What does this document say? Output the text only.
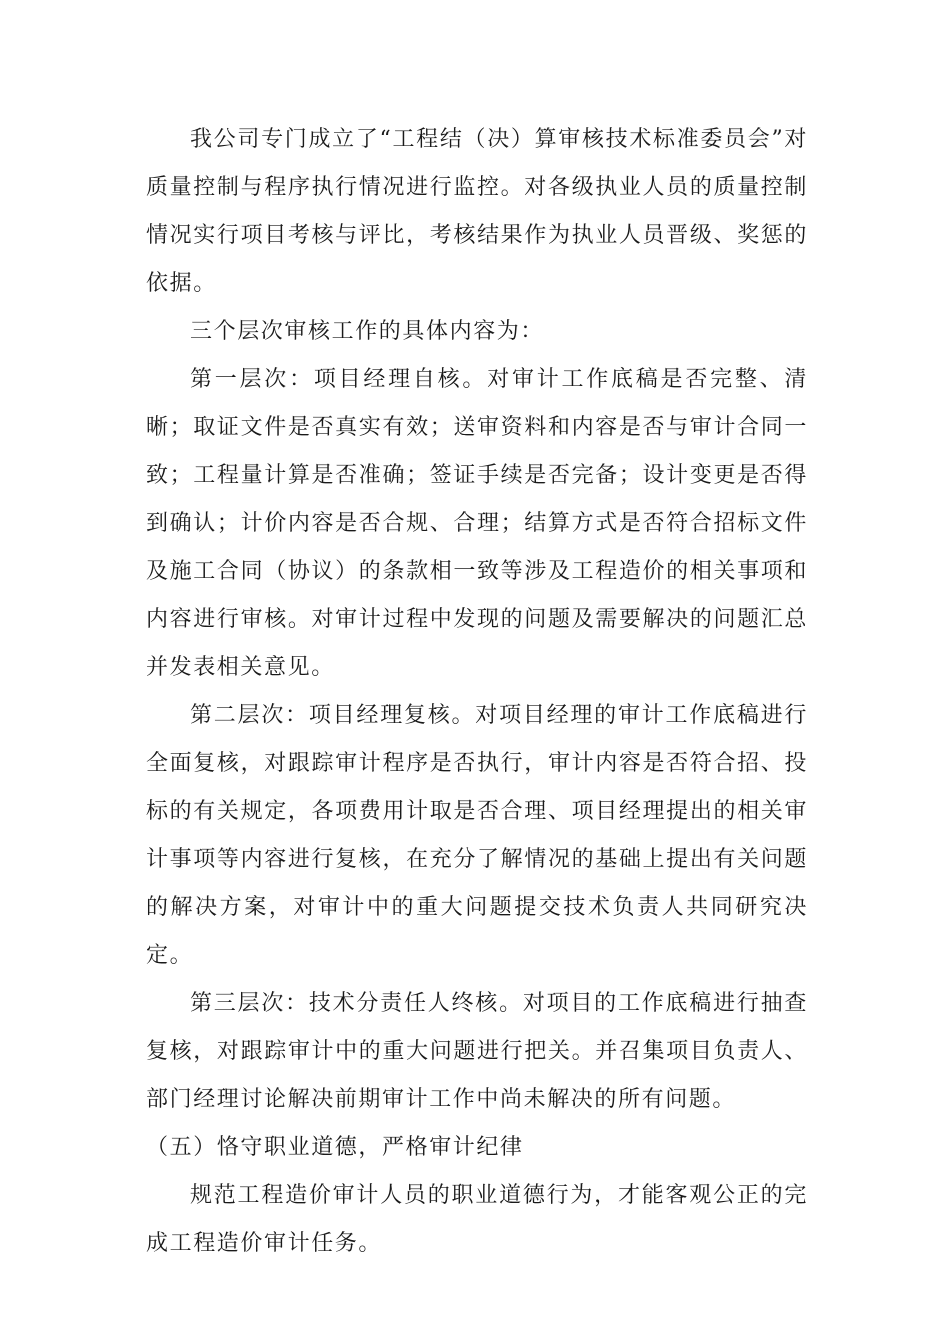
我公司专门成立了“工程结（决）算审核技术标准委员会”对质量控制与程序执行情况进行监控。对各级执业人员的质量控制情况实行项目考核与评比，考核结果作为执业人员晋级、奖惩的依据。

三个层次审核工作的具体内容为：

第一层次：项目经理自核。对审计工作底稿是否完整、清晰；取证文件是否真实有效；送审资料和内容是否与审计合同一致；工程量计算是否准确；签证手续是否完备；设计变更是否得到确认；计价内容是否合规、合理；结算方式是否符合招标文件及施工合同（协议）的条款相一致等涉及工程造价的相关事项和内容进行审核。对审计过程中发现的问题及需要解决的问题汇总并发表相关意见。

第二层次：项目经理复核。对项目经理的审计工作底稿进行全面复核，对跟踪审计程序是否执行，审计内容是否符合招、投标的有关规定，各项费用计取是否合理、项目经理提出的相关审计事项等内容进行复核，在充分了解情况的基础上提出有关问题的解决方案，对审计中的重大问题提交技术负责人共同研究决定。

第三层次：技术分责任人终核。对项目的工作底稿进行抽查复核，对跟踪审计中的重大问题进行把关。并召集项目负责人、部门经理讨论解决前期审计工作中尚未解决的所有问题。

（五）恪守职业道德，严格审计纪律

规范工程造价审计人员的职业道德行为，才能客观公正的完成工程造价审计任务。
